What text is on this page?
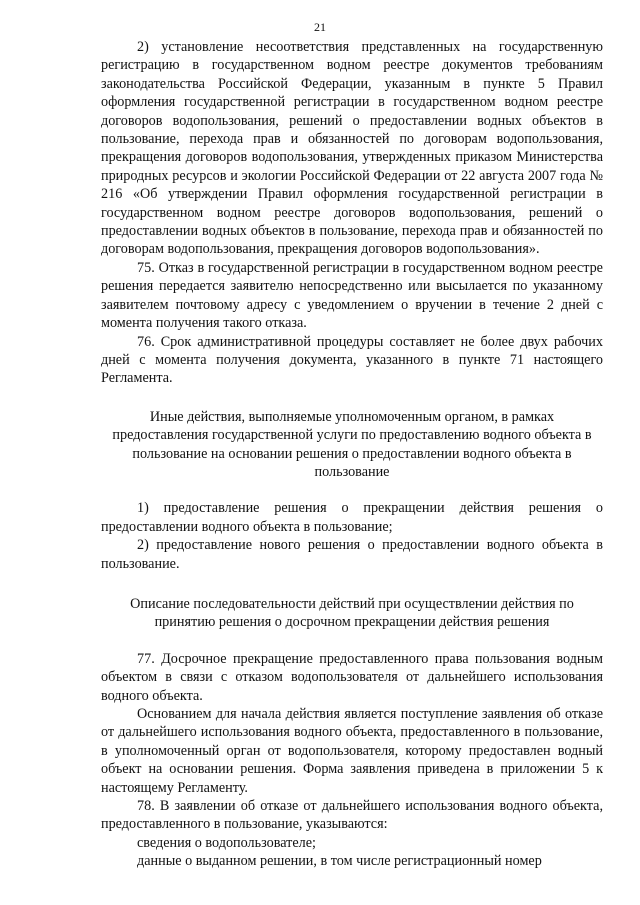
21

2) установление несоответствия представленных на государственную регистрацию в государственном водном реестре документов требованиям законодательства Российской Федерации, указанным в пункте 5 Правил оформления государственной регистрации в государственном водном реестре договоров водопользования, решений о предоставлении водных объектов в пользование, перехода прав и обязанностей по договорам водопользования, прекращения договоров водопользования, утвержденных приказом Министерства природных ресурсов и экологии Российской Федерации от 22 августа 2007 года № 216 «Об утверждении Правил оформления государственной регистрации в государственном водном реестре договоров водопользования, решений о предоставлении водных объектов в пользование, перехода прав и обязанностей по договорам водопользования, прекращения договоров водопользования».

75. Отказ в государственной регистрации в государственном водном реестре решения передается заявителю непосредственно или высылается по указанному заявителем почтовому адресу с уведомлением о вручении в течение 2 дней с момента получения такого отказа.

76. Срок административной процедуры составляет не более двух рабочих дней с момента получения документа, указанного в пункте 71 настоящего Регламента.

Иные действия, выполняемые уполномоченным органом, в рамках предоставления государственной услуги по предоставлению водного объекта в пользование на основании решения о предоставлении водного объекта в пользование

1) предоставление решения о прекращении действия решения о предоставлении водного объекта в пользование;

2) предоставление нового решения о предоставлении водного объекта в пользование.

Описание последовательности действий при осуществлении действия по принятию решения о досрочном прекращении действия решения

77. Досрочное прекращение предоставленного права пользования водным объектом в связи с отказом водопользователя от дальнейшего использования водного объекта.

Основанием для начала действия является поступление заявления об отказе от дальнейшего использования водного объекта, предоставленного в пользование, в уполномоченный орган от водопользователя, которому предоставлен водный объект на основании решения. Форма заявления приведена в приложении 5 к настоящему Регламенту.

78. В заявлении об отказе от дальнейшего использования водного объекта, предоставленного в пользование, указываются:

сведения о водопользователе;

данные о выданном решении, в том числе регистрационный номер
